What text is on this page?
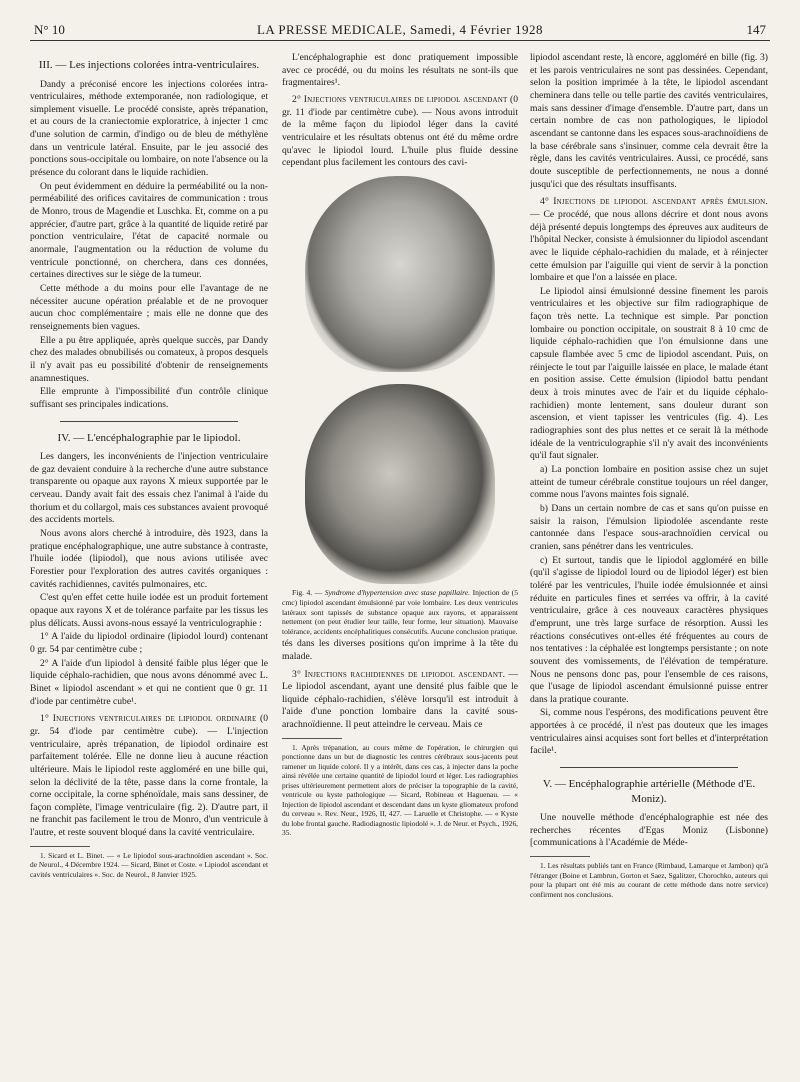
N° 10	LA PRESSE MEDICALE, Samedi, 4 Février 1928	147
III. — Les injections colorées intra-ventriculaires.

Dandy a préconisé encore les injections colorées intra-ventriculaires, méthode extemporanée, non radiologique, et simplement visuelle. Le procédé consiste, après trépanation, et au cours de la craniectomie exploratrice, à injecter 1 cmc d'une solution de carmin, d'indigo ou de bleu de méthylène dans un ventricule latéral. Ensuite, par le jeu associé des ponctions sous-occipitale ou lombaire, on note l'absence ou la présence du colorant dans le liquide rachidien.

On peut évidemment en déduire la perméabilité ou la non-perméabilité des orifices cavitaires de communication : trous de Monro, trous de Magendie et Luschka. Et, comme on a pu apprécier, d'autre part, grâce à la quantité de liquide retiré par ponction ventriculaire, l'état de capacité normale ou anormale, l'augmentation ou la réduction de volume du ventricule ponctionné, on cherchera, dans ces données, certaines directives sur le siège de la tumeur.

Cette méthode a du moins pour elle l'avantage de ne nécessiter aucune opération préalable et de ne provoquer aucun choc complémentaire ; mais elle ne donne que des renseignements bien vagues.

Elle a pu être appliquée, après quelque succès, par Dandy chez des malades obnubilisés ou comateux, à propos desquels il n'y avait pas eu possibilité d'obtenir de renseignements anamnestiques.

Elle emprunte à l'impossibilité d'un contrôle clinique suffisant ses principales indications.

IV. — L'encéphalographie par le lipiodol.

Les dangers, les inconvénients de l'injection ventriculaire de gaz devaient conduire à la recherche d'une autre substance transparente ou opaque aux rayons X mieux supportée par le cerveau. Dandy avait fait des essais chez l'animal à l'aide du thorium et du collargol, mais ces substances avaient provoqué des accidents mortels.

Nous avons alors cherché à introduire, dès 1923, dans la pratique encéphalographique, une autre substance à contraste, l'huile iodée (lipiodol), que nous avions utilisée avec Forestier pour l'exploration des autres cavités organiques : cavités rachidiennes, cavités pulmonaires, etc.

C'est qu'en effet cette huile iodée est un produit fortement opaque aux rayons X et de tolérance parfaite par les tissus les plus délicats. Aussi avons-nous essayé la ventriculographie :

1° A l'aide du lipiodol ordinaire (lipiodol lourd) contenant 0 gr. 54 par centimètre cube ;

2° A l'aide d'un lipiodol à densité faible plus léger que le liquide céphalo-rachidien, que nous avons dénommé avec L. Binet « lipiodol ascendant » et qui ne contient que 0 gr. 11 d'iode par centimètre cube¹.

1° Injections ventriculaires de lipiodol ordinaire (0 gr. 54 d'iode par centimètre cube). — L'injection ventriculaire, après trépanation, de lipiodol ordinaire est parfaitement tolérée. Elle ne donne lieu à aucune réaction ultérieure. Mais le lipiodol reste aggloméré en une bille qui, selon la déclivité de la tête, passe dans la corne frontale, la corne occipitale, la corne sphénoïdale, mais sans dessiner, de façon complète, l'image ventriculaire (fig. 2). D'autre part, il ne franchit pas facilement le trou de Monro, d'un ventricule à l'autre, et reste souvent bloqué dans la cavité ventriculaire.

1. Sicard et L. Binet. — « Le lipiodol sous-arachnoïdien ascendant ». Soc. de Neurol., 4 Décembre 1924. — Sicard, Binet et Coste. « Lipiodol ascendant et cavités ventriculaires ». Soc. de Neurol., 8 Janvier 1925.

L'encéphalographie est donc pratiquement impossible avec ce procédé, ou du moins les résultats ne sont-ils que fragmentaires¹.

2° Injections ventriculaires de lipiodol ascendant (0 gr. 11 d'iode par centimètre cube). — Nous avons introduit de la même façon du lipiodol léger dans la cavité ventriculaire et les résultats obtenus ont été du même ordre qu'avec le lipiodol lourd. L'huile plus fluide dessine cependant plus facilement les contours des cavi-

Fig. 4. — Syndrome d'hypertension avec stase papillaire. Injection de (5 cmc) lipiodol ascendant émulsionné par voie lombaire. Les deux ventricules latéraux sont tapissés de substance opaque aux rayons, et apparaissent nettement (on peut étudier leur taille, leur forme, leur situation). Mauvaise tolérance, accidents encéphalitiques consécutifs. Aucune conclusion pratique.

tés dans les diverses positions qu'on imprime à la tête du malade.

3° Injections rachidiennes de lipiodol ascendant. — Le lipiodol ascendant, ayant une densité plus faible que le liquide céphalo-rachidien, s'élève lorsqu'il est introduit à l'aide d'une ponction lombaire dans la cavité sous-arachnoïdienne. Il peut atteindre le cerveau. Mais ce

1. Après trépanation, au cours même de l'opération, le chirurgien qui ponctionne dans un but de diagnostic les centres cérébraux sous-jacents peut ramener un liquide coloré. Il y a intérêt, dans ces cas, à injecter dans la poche ainsi révélée une certaine quantité de lipiodol lourd et léger. Les radiographies prises ultérieurement permettent alors de préciser la topographie de la cavité, ventricule ou kyste pathologique — Sicard, Robineau et Haguenau. — « Injection de lipiodol ascendant et descendant dans un kyste gliomateux profond du cerveau ». Rev. Neur., 1926, II, 427. — Laruelle et Christophe. — « Kyste du lobe frontal gauche. Radiodiagnostic lipiodolé ». J. de Neur. et Psych., 1926, 35.

lipiodol ascendant reste, là encore, aggloméré en bille (fig. 3) et les parois ventriculaires ne sont pas dessinées. Cependant, selon la position imprimée à la tête, le lipiodol ascendant cheminera dans telle ou telle partie des cavités ventriculaires, mais sans dessiner d'image d'ensemble. D'autre part, dans un certain nombre de cas non pathologiques, le lipiodol ascendant se cantonne dans les espaces sous-arachnoïdiens de la base cérébrale sans s'insinuer, comme cela devrait être la règle, dans les cavités ventriculaires. Aussi, ce procédé, sans doute susceptible de perfectionnements, ne nous a donné jusqu'ici que des résultats insuffisants.

4° Injections de lipiodol ascendant après émulsion. — Ce procédé, que nous allons décrire et dont nous avons déjà présenté depuis longtemps des épreuves aux auditeurs de l'hôpital Necker, consiste à émulsionner du lipiodol ascendant avec le liquide céphalo-rachidien du malade, et à réinjecter cette émulsion par l'aiguille qui vient de servir à la ponction lombaire et que l'on a laissée en place.

Le lipiodol ainsi émulsionné dessine finement les parois ventriculaires et les objective sur film radiographique de façon très nette. La technique est simple. Par ponction lombaire ou ponction occipitale, on soustrait 8 à 10 cmc de liquide céphalo-rachidien que l'on émulsionne dans une capsule flambée avec 5 cmc de lipiodol ascendant. Puis, on réinjecte le tout par l'aiguille laissée en place, le malade étant en position assise. Cette émulsion (lipiodol battu pendant deux à trois minutes avec de l'air et du liquide céphalo-rachidien) monte lentement, sans douleur durant son ascension, et vient tapisser les ventricules (fig. 4). Les radiographies sont des plus nettes et ce serait là la méthode idéale de la ventriculographie s'il n'y avait des inconvénients qu'il faut signaler.

a) La ponction lombaire en position assise chez un sujet atteint de tumeur cérébrale constitue toujours un réel danger, comme nous l'avons maintes fois signalé.

b) Dans un certain nombre de cas et sans qu'on puisse en saisir la raison, l'émulsion lipiodolée ascendante reste cantonnée dans l'espace sous-arachnoïdien cervical ou cranien, sans pénétrer dans les ventricules.

c) Et surtout, tandis que le lipiodol aggloméré en bille (qu'il s'agisse de lipiodol lourd ou de lipiodol léger) est bien toléré par les ventricules, l'huile iodée émulsionnée et ainsi réduite en particules fines et serrées va offrir, à la cavité ventriculaire, grâce à ces nouveaux caractères physiques d'emprunt, une très large surface de résorption. Aussi les réactions consécutives ont-elles été fréquentes au cours de nos tentatives : la céphalée est longtemps persistante ; on note souvent des vomissements, de l'élévation de température. Nous ne pensons donc pas, pour l'ensemble de ces raisons, que l'usage de lipiodol ascendant émulsionné puisse entrer dans la pratique courante.

Si, comme nous l'espérons, des modifications peuvent être apportées à ce procédé, il n'est pas douteux que les images ventriculaires ainsi acquises sont fort belles et d'interprétation facile¹.

V. — Encéphalographie artérielle (Méthode d'E. Moniz).

Une nouvelle méthode d'encéphalographie est née des recherches récentes d'Egas Moniz (Lisbonne) [communications à l'Académie de Méde-

1. Les résultats publiés tant en France (Rimbaud, Lamarque et Jambon) qu'à l'étranger (Boine et Lambrun, Gorton et Saez, Sgalitzer, Chorochko, auteurs qui pour la plupart ont été mis au courant de cette méthode dans notre service) confirment nos conclusions.
